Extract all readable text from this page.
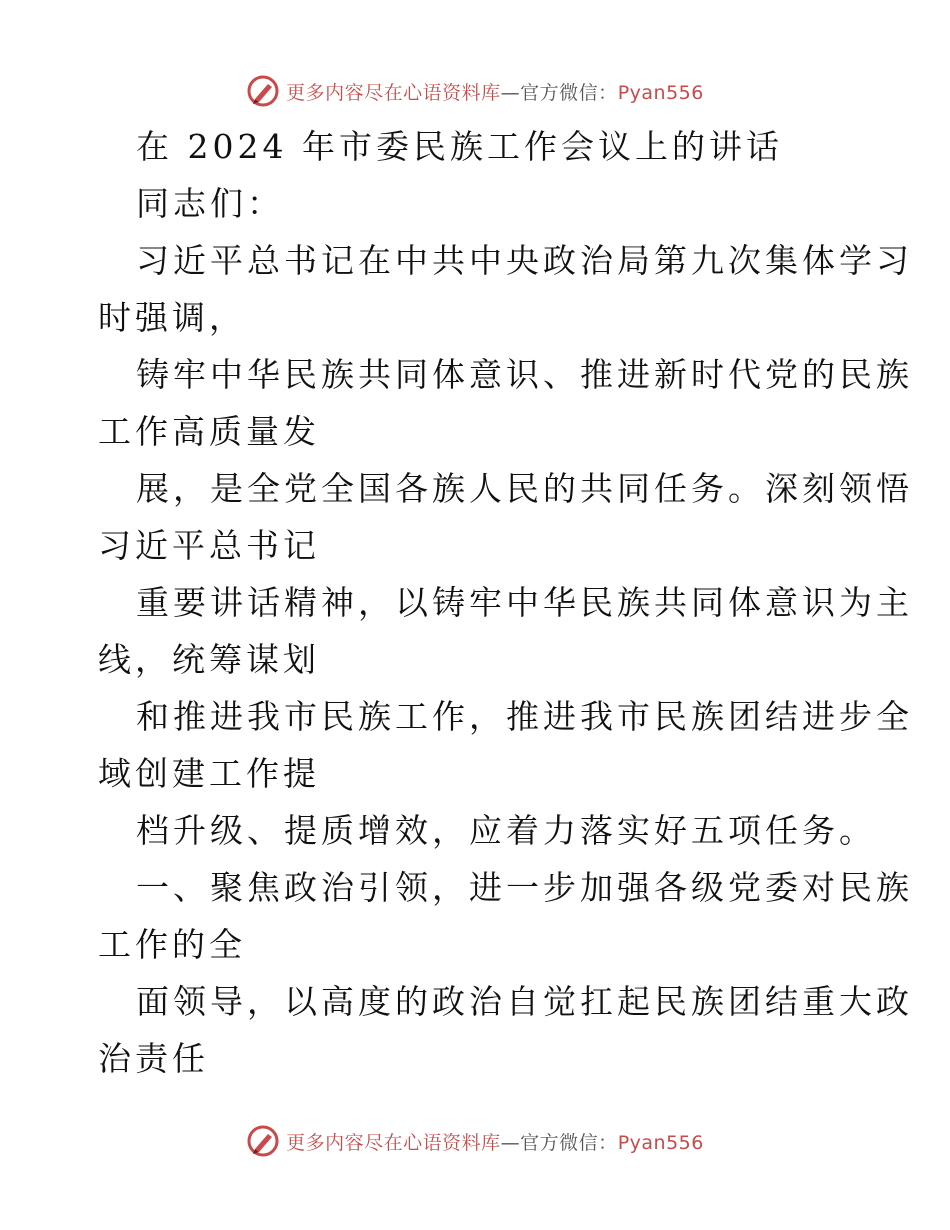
更多内容尽在心语资料库—官方微信：Pyan556
在 2024 年市委民族工作会议上的讲话
同志们：
习近平总书记在中共中央政治局第九次集体学习
时强调，
铸牢中华民族共同体意识、推进新时代党的民族
工作高质量发
展，是全党全国各族人民的共同任务。深刻领悟
习近平总书记
重要讲话精神，以铸牢中华民族共同体意识为主
线，统筹谋划
和推进我市民族工作，推进我市民族团结进步全
域创建工作提
档升级、提质增效，应着力落实好五项任务。
一、聚焦政治引领，进一步加强各级党委对民族
工作的全
面领导，以高度的政治自觉扛起民族团结重大政
治责任
更多内容尽在心语资料库—官方微信：Pyan556
